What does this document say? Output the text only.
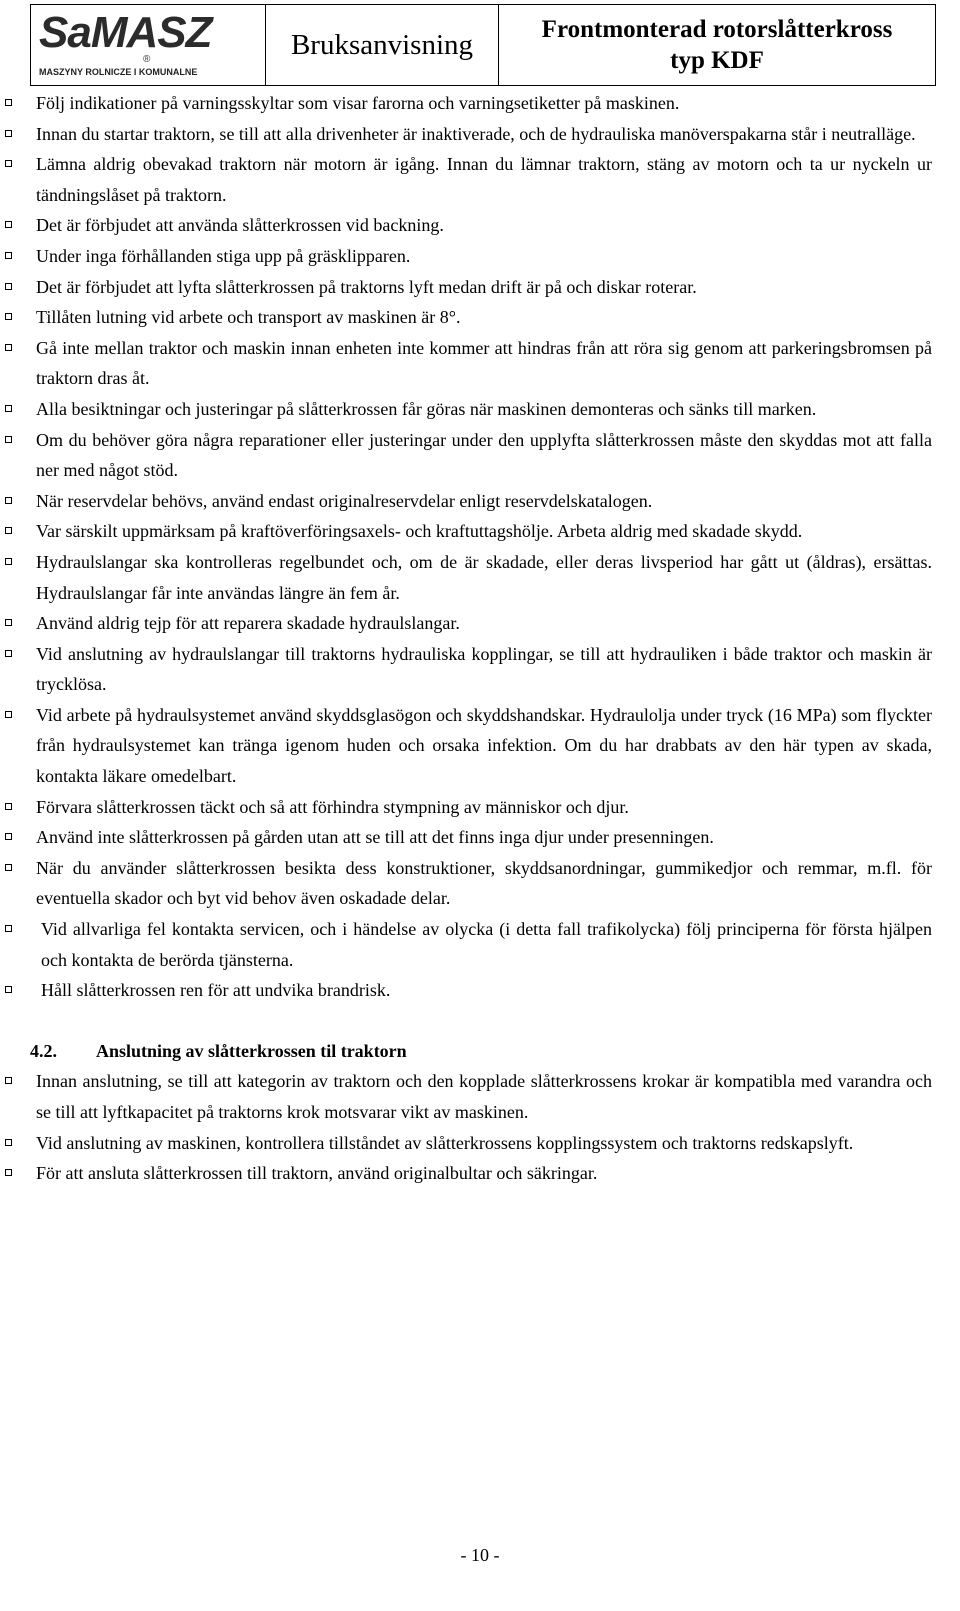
SaMASZ
®
MASZYNY ROLNICZE I KOMUNALNE
Bruksanvisning	Frontmonterad rotorslåtterkross
typ KDF
Följ indikationer på varningsskyltar som visar farorna och varningsetiketter på maskinen.
Innan du startar traktorn, se till att alla drivenheter är inaktiverade, och de hydrauliska manöverspakarna står i neutralläge.
Lämna aldrig obevakad traktorn när motorn är igång. Innan du lämnar traktorn, stäng av motorn och ta ur nyckeln ur tändningslåset på traktorn.
Det är förbjudet att använda slåtterkrossen vid backning.
Under inga förhållanden stiga upp på gräsklipparen.
Det är förbjudet att lyfta slåtterkrossen på traktorns lyft medan drift är på och diskar roterar.
Tillåten lutning vid arbete och transport av maskinen är 8°.
Gå inte mellan traktor och maskin innan enheten inte kommer att hindras från att röra sig genom att parkeringsbromsen på traktorn dras åt.
Alla besiktningar och justeringar på slåtterkrossen får göras när maskinen demonteras och sänks till marken.
Om du behöver göra några reparationer eller justeringar under den upplyfta slåtterkrossen måste den skyddas mot att falla ner med något stöd.
När reservdelar behövs, använd endast originalreservdelar enligt reservdelskatalogen.
Var särskilt uppmärksam på kraftöverföringsaxels- och kraftuttagshölje. Arbeta aldrig med skadade skydd.
Hydraulslangar ska kontrolleras regelbundet och, om de är skadade, eller deras livsperiod har gått ut (åldras), ersättas. Hydraulslangar får inte användas längre än fem år.
Använd aldrig tejp för att reparera skadade hydraulslangar.
Vid anslutning av hydraulslangar till traktorns hydrauliska kopplingar, se till att hydrauliken i både traktor och maskin är trycklösa.
Vid arbete på hydraulsystemet använd skyddsglasögon och skyddshandskar. Hydraulolja under tryck (16 MPa) som flyckter från hydraulsystemet kan tränga igenom huden och orsaka infektion. Om du har drabbats av den här typen av skada, kontakta läkare omedelbart.
Förvara slåtterkrossen täckt och så att förhindra stympning av människor och djur.
Använd inte slåtterkrossen på gården utan att se till att det finns inga djur under presenningen.
När du använder slåtterkrossen besikta dess konstruktioner, skyddsanordningar, gummikedjor och remmar, m.fl. för eventuella skador och byt vid behov även oskadade delar.
Vid allvarliga fel kontakta servicen, och i händelse av olycka (i detta fall trafikolycka) följ principerna för första hjälpen och kontakta de berörda tjänsterna.
Håll slåtterkrossen ren för att undvika brandrisk.
4.2. Anslutning av slåtterkrossen til traktorn
Innan anslutning, se till att kategorin av traktorn och den kopplade slåtterkrossens krokar är kompatibla med varandra och se till att lyftkapacitet på traktorns krok motsvarar vikt av maskinen.
Vid anslutning av maskinen, kontrollera tillståndet av slåtterkrossens kopplingssystem och traktorns redskapslyft.
För att ansluta slåtterkrossen till traktorn, använd originalbultar och säkringar.
- 10 -
